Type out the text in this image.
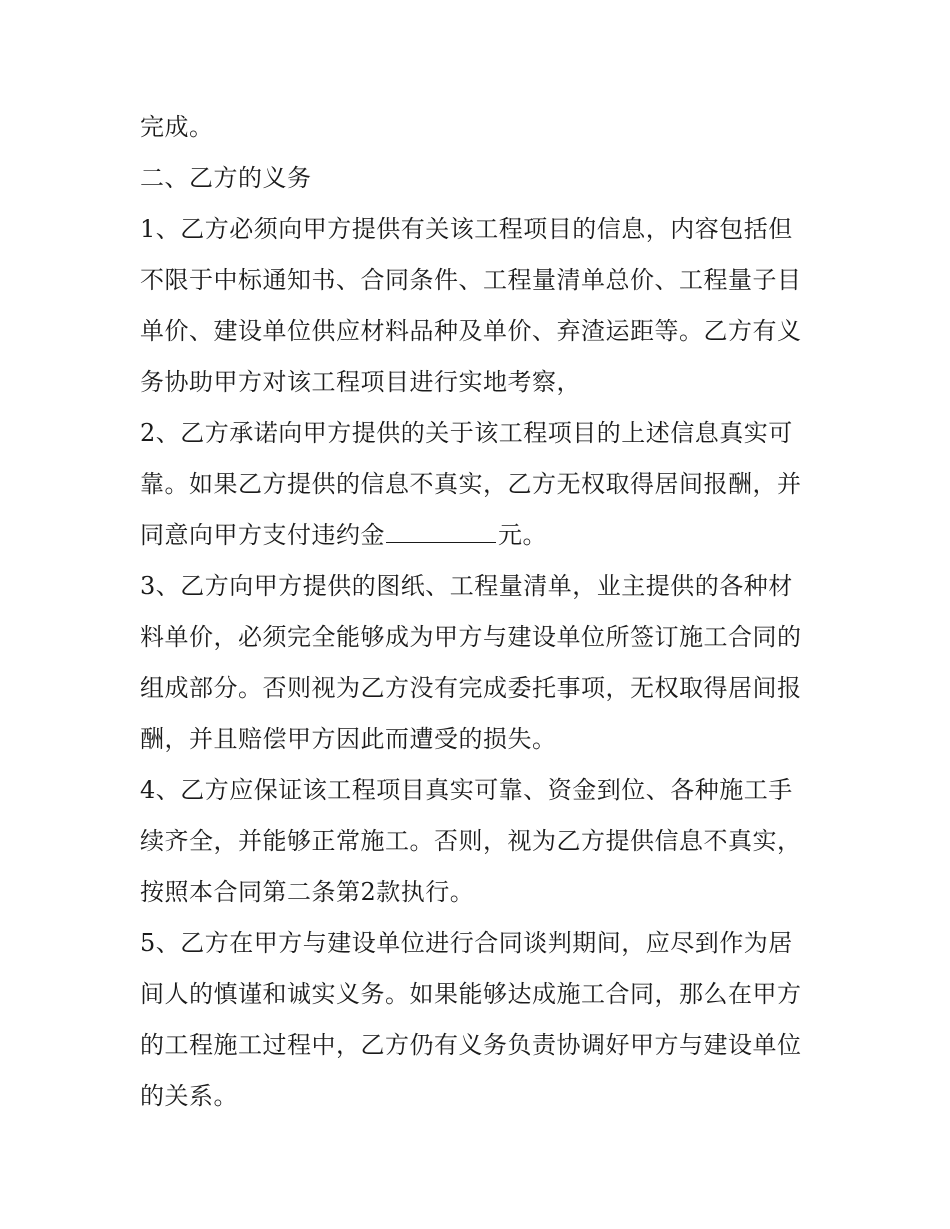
完成。

二、乙方的义务

1、乙方必须向甲方提供有关该工程项目的信息，内容包括但不限于中标通知书、合同条件、工程量清单总价、工程量子目单价、建设单位供应材料品种及单价、弃渣运距等。乙方有义务协助甲方对该工程项目进行实地考察，

2、乙方承诺向甲方提供的关于该工程项目的上述信息真实可靠。如果乙方提供的信息不真实，乙方无权取得居间报酬，并同意向甲方支付违约金	元。

3、乙方向甲方提供的图纸、工程量清单，业主提供的各种材料单价，必须完全能够成为甲方与建设单位所签订施工合同的组成部分。否则视为乙方没有完成委托事项，无权取得居间报酬，并且赔偿甲方因此而遭受的损失。

4、乙方应保证该工程项目真实可靠、资金到位、各种施工手续齐全，并能够正常施工。否则，视为乙方提供信息不真实，按照本合同第二条第2款执行。

5、乙方在甲方与建设单位进行合同谈判期间，应尽到作为居间人的慎谨和诚实义务。如果能够达成施工合同，那么在甲方的工程施工过程中，乙方仍有义务负责协调好甲方与建设单位的关系。
